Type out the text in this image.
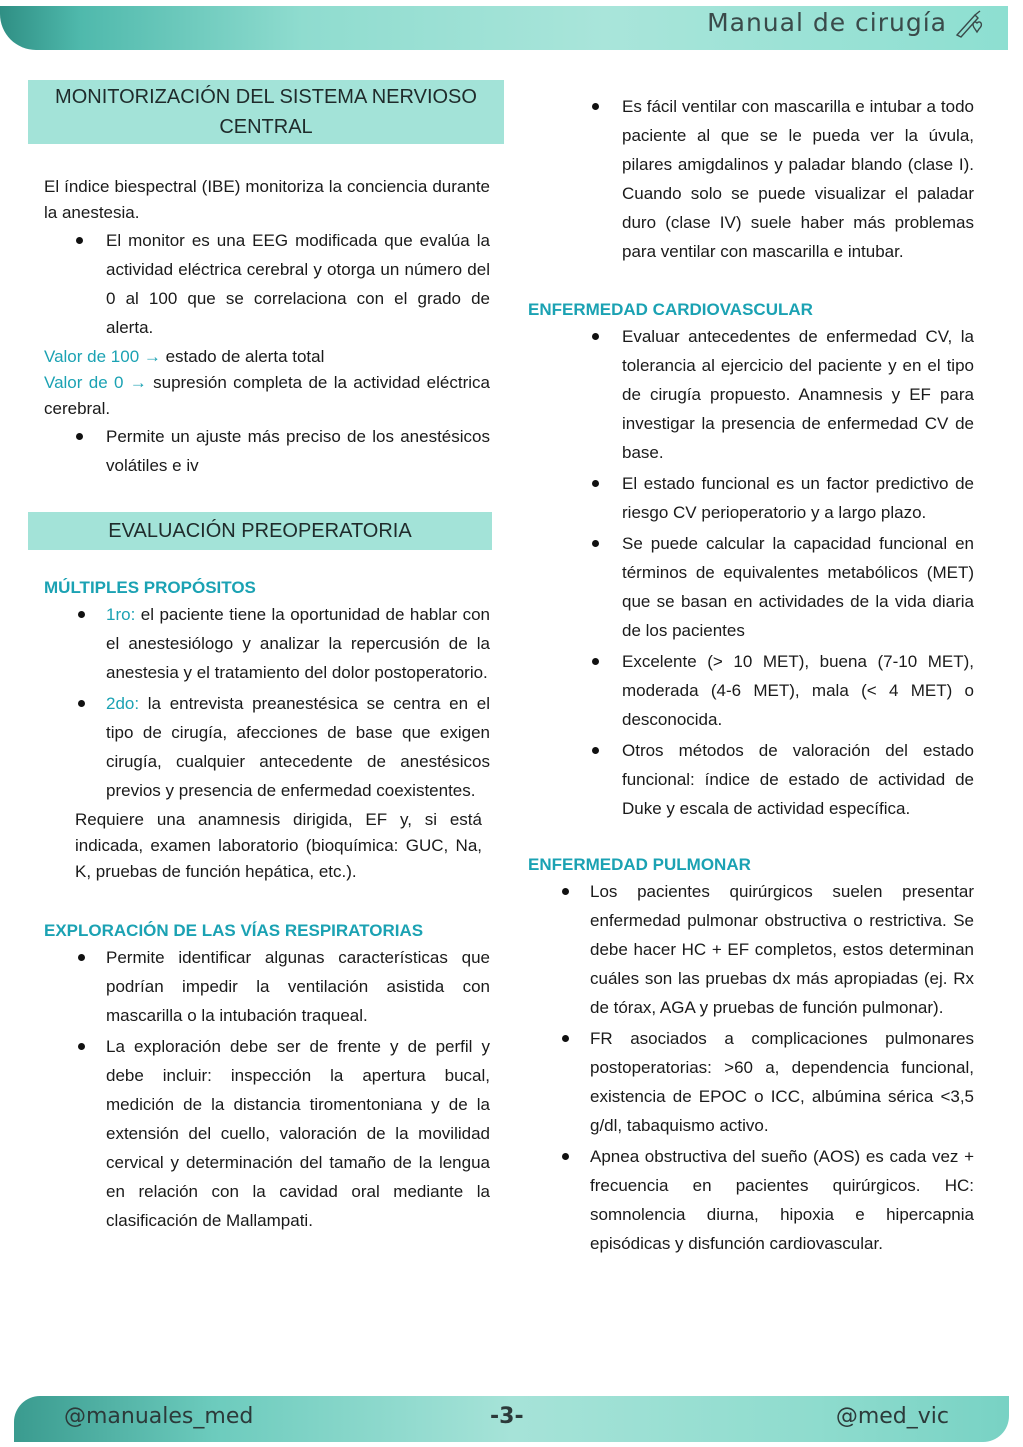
Manual de cirugía
MONITORIZACIÓN DEL SISTEMA NERVIOSO CENTRAL

El índice biespectral (IBE) monitoriza la conciencia durante la anestesia.

El monitor es una EEG modificada que evalúa la actividad eléctrica cerebral y otorga un número del 0 al 100 que se correlaciona con el grado de alerta.

Valor de 100 → estado de alerta total

Valor de 0 → supresión completa de la actividad eléctrica cerebral.

Permite un ajuste más preciso de los anestésicos volátiles e iv
EVALUACIÓN PREOPERATORIA
MÚLTIPLES PROPÓSITOS
1ro: el paciente tiene la oportunidad de hablar con el anestesiólogo y analizar la repercusión de la anestesia y el tratamiento del dolor postoperatorio.
2do: la entrevista preanestésica se centra en el tipo de cirugía, afecciones de base que exigen cirugía, cualquier antecedente de anestésicos previos y presencia de enfermedad coexistentes.

Requiere una anamnesis dirigida, EF y, si está indicada, examen laboratorio (bioquímica: GUC, Na, K, pruebas de función hepática, etc.).

EXPLORACIÓN DE LAS VÍAS RESPIRATORIAS
Permite identificar algunas características que podrían impedir la ventilación asistida con mascarilla o la intubación traqueal.
La exploración debe ser de frente y de perfil y debe incluir: inspección la apertura bucal, medición de la distancia tiromentoniana y de la extensión del cuello, valoración de la movilidad cervical y determinación del tamaño de la lengua en relación con la cavidad oral mediante la clasificación de Mallampati.
Es fácil ventilar con mascarilla e intubar a todo paciente al que se le pueda ver la úvula, pilares amigdalinos y paladar blando (clase I). Cuando solo se puede visualizar el paladar duro (clase IV) suele haber más problemas para ventilar con mascarilla e intubar.
ENFERMEDAD CARDIOVASCULAR
Evaluar antecedentes de enfermedad CV, la tolerancia al ejercicio del paciente y en el tipo de cirugía propuesto. Anamnesis y EF para investigar la presencia de enfermedad CV de base.
El estado funcional es un factor predictivo de riesgo CV perioperatorio y a largo plazo.
Se puede calcular la capacidad funcional en términos de equivalentes metabólicos (MET) que se basan en actividades de la vida diaria de los pacientes
Excelente (> 10 MET), buena (7-10 MET), moderada (4-6 MET), mala (< 4 MET) o desconocida.
Otros métodos de valoración del estado funcional: índice de estado de actividad de Duke y escala de actividad específica.
ENFERMEDAD PULMONAR
Los pacientes quirúrgicos suelen presentar enfermedad pulmonar obstructiva o restrictiva. Se debe hacer HC + EF completos, estos determinan cuáles son las pruebas dx más apropiadas (ej. Rx de tórax, AGA y pruebas de función pulmonar).
FR asociados a complicaciones pulmonares postoperatorias: >60 a, dependencia funcional, existencia de EPOC o ICC, albúmina sérica <3,5 g/dl, tabaquismo activo.
Apnea obstructiva del sueño (AOS) es cada vez + frecuencia en pacientes quirúrgicos. HC: somnolencia diurna, hipoxia e hipercapnia episódicas y disfunción cardiovascular.
@manuales_med	-3-	@med_vic
